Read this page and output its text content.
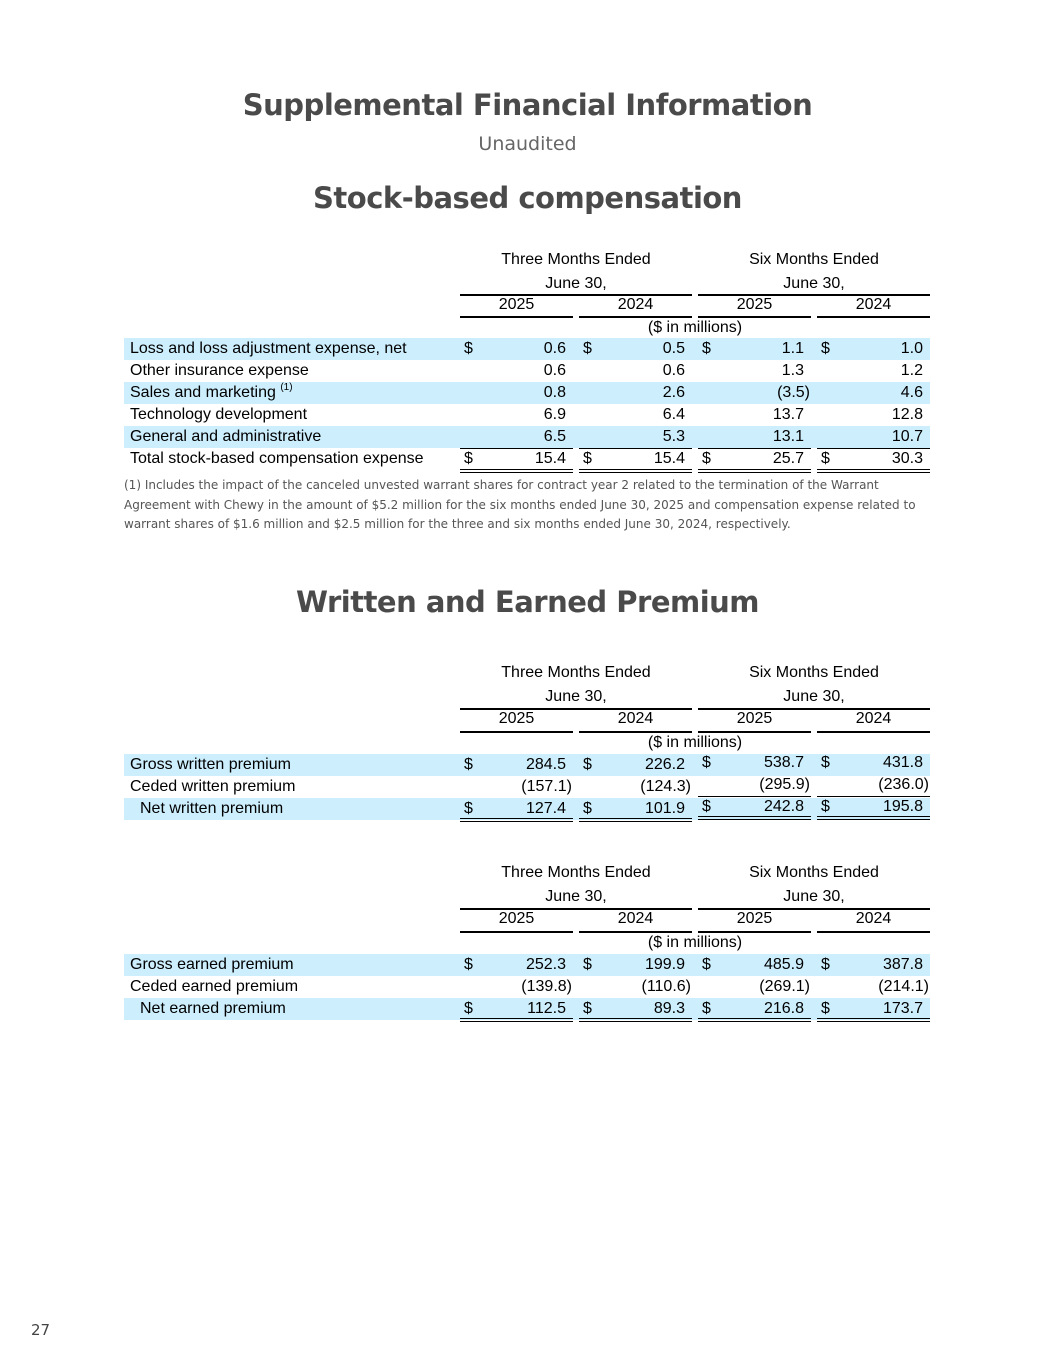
Supplemental Financial Information
Unaudited
Stock-based compensation
Three Months Ended	Six Months Ended
June 30,	June 30,
2025	2024	2025	2024
($ in millions)
Loss and loss adjustment expense, net	$	0.6 $	0.5 $	1.1 $	1.0
Other insurance expense	0.6	0.6	1.3	1.2
Sales and marketing $^{(1)}$	0.8	2.6	(3.5)	4.6
Technology development	6.9	6.4	13.7	12.8
General and administrative	6.5	5.3	13.1	10.7
Total stock-based compensation expense	$	15.4 $	15.4 $	25.7 $	30.3
(1) Includes the impact of the canceled unvested warrant shares for contract year 2 related to the termination of the Warrant Agreement with Chewy in the amount of $5.2 million for the six months ended June 30, 2025 and compensation expense related to warrant shares of $1.6 million and $2.5 million for the three and six months ended June 30, 2024, respectively.
Written and Earned Premium
Three Months Ended	Six Months Ended
June 30,	June 30,
2025	2024	2025	2024
($ in millions)
Gross written premium	$	284.5 $	226.2 $	538.7 $	431.8
Ceded written premium	(157.1)	(124.3)	(295.9)	(236.0)
Net written premium	$	127.4 $	101.9 $	242.8 $	195.8
Three Months Ended	Six Months Ended
June 30,	June 30,
2025	2024	2025	2024
($ in millions)
Gross earned premium	$	252.3 $	199.9 $	485.9 $	387.8
Ceded earned premium	(139.8)	(110.6)	(269.1)	(214.1)
Net earned premium	$	112.5 $	89.3 $	216.8 $	173.7
27
